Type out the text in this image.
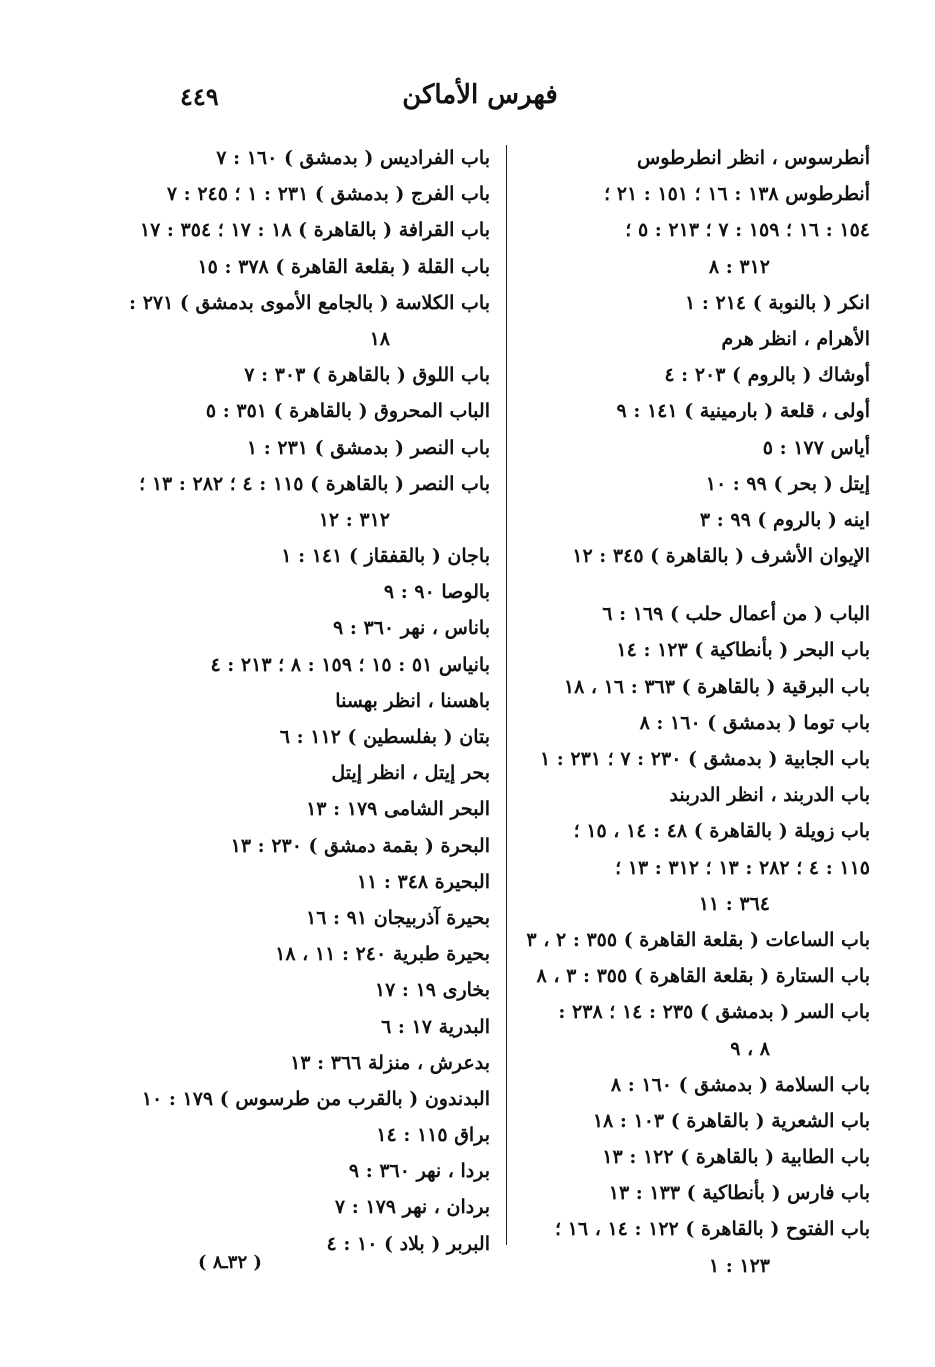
فهرس الأماكن
٤٤٩
أنطرسوس ، انظر انطرطوس
أنطرطوس ١٣٨ : ١٦ ؛ ١٥١ : ٢١ ؛
١٥٤ : ١٦ ؛ ١٥٩ : ٧ ؛ ٢١٣ : ٥ ؛
٣١٢ : ٨
انكر ( بالنوبة ) ٢١٤ : ١
الأهرام ، انظر هرم
أوشاك ( بالروم ) ٢٠٣ : ٤
أولى ، قلعة ( بارمينية ) ١٤١ : ٩
أياس ١٧٧ : ٥
إيتل ( بحر ) ٩٩ : ١٠
اينه ( بالروم ) ٩٩ : ٣
الإيوان الأشرف ( بالقاهرة ) ٣٤٥ : ١٢
الباب ( من أعمال حلب ) ١٦٩ : ٦
باب البحر ( بأنطاكية ) ١٢٣ : ١٤
باب البرقية ( بالقاهرة ) ٣٦٣ : ١٦ ، ١٨
باب توما ( بدمشق ) ١٦٠ : ٨
باب الجابية ( بدمشق ) ٢٣٠ : ٧ ؛ ٢٣١ : ١
باب الدربند ، انظر الدربند
باب زويلة ( بالقاهرة ) ٤٨ : ١٤ ، ١٥ ؛
١١٥ : ٤ ؛ ٢٨٢ : ١٣ ؛ ٣١٢ : ١٣ ؛
٣٦٤ : ١١
باب الساعات ( بقلعة القاهرة ) ٣٥٥ : ٢ ، ٣
باب الستارة ( بقلعة القاهرة ) ٣٥٥ : ٣ ، ٨
باب السر ( بدمشق ) ٢٣٥ : ١٤ ؛ ٢٣٨ :
٨ ، ٩
باب السلامة ( بدمشق ) ١٦٠ : ٨
باب الشعرية ( بالقاهرة ) ١٠٣ : ١٨
باب الطابية ( بالقاهرة ) ١٢٢ : ١٣
باب فارس ( بأنطاكية ) ١٣٣ : ١٣
باب الفتوح ( بالقاهرة ) ١٢٢ : ١٤ ، ١٦ ؛
١٢٣ : ١
باب الفراديس ( بدمشق ) ١٦٠ : ٧
باب الفرج ( بدمشق ) ٢٣١ : ١ ؛ ٢٤٥ : ٧
باب القرافة ( بالقاهرة ) ١٨ : ١٧ ؛ ٣٥٤ : ١٧
باب القلة ( بقلعة القاهرة ) ٣٧٨ : ١٥
باب الكلاسة ( بالجامع الأموى بدمشق ) ٢٧١ :
١٨
باب اللوق ( بالقاهرة ) ٣٠٣ : ٧
الباب المحروق ( بالقاهرة ) ٣٥١ : ٥
باب النصر ( بدمشق ) ٢٣١ : ١
باب النصر ( بالقاهرة ) ١١٥ : ٤ ؛ ٢٨٢ : ١٣ ؛
٣١٢ : ١٢
باجان ( بالقفقاز ) ١٤١ : ١
بالوصا ٩٠ : ٩
باناس ، نهر ٣٦٠ : ٩
بانياس ٥١ : ١٥ ؛ ١٥٩ : ٨ ؛ ٢١٣ : ٤
باهسنا ، انظر بهسنا
بتان ( بفلسطين ) ١١٢ : ٦
بحر إيتل ، انظر إيتل
البحر الشامى ١٧٩ : ١٣
البحرة ( بقمة دمشق ) ٢٣٠ : ١٣
البحيرة ٣٤٨ : ١١
بحيرة آذربيجان ٩١ : ١٦
بحيرة طبرية ٢٤٠ : ١١ ، ١٨
بخارى ١٩ : ١٧
البدرية ١٧ : ٦
بدعرش ، منزلة ٣٦٦ : ١٣
البدندون ( بالقرب من طرسوس ) ١٧٩ : ١٠
براق ١١٥ : ١٤
بردا ، نهر ٣٦٠ : ٩
بردان ، نهر ١٧٩ : ٧
البربر ( بلاد ) ١٠ : ٤
( ٣٢ـ٨ )
